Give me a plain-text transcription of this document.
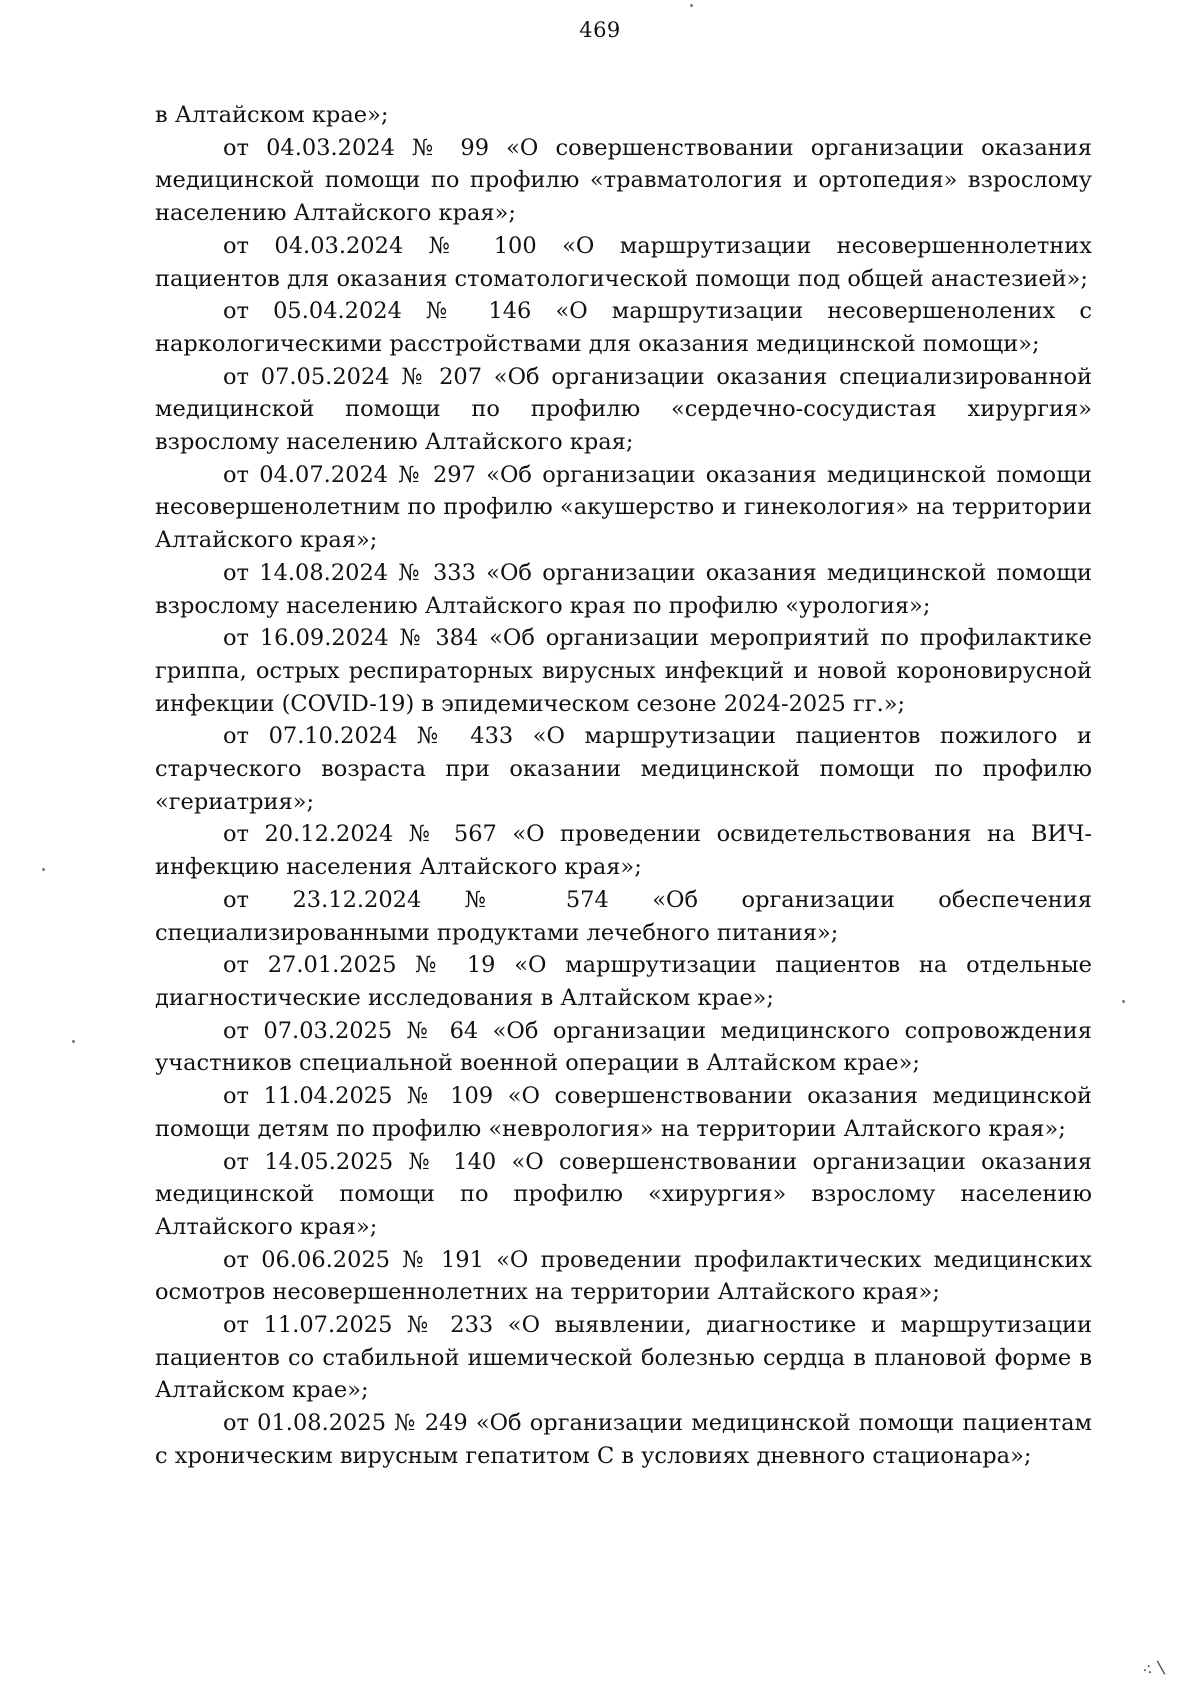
469

в Алтайском крае»;

от 04.03.2024 № 99 «О совершенствовании организации оказания медицинской помощи по профилю «травматология и ортопедия» взрослому населению Алтайского края»;

от 04.03.2024 № 100 «О маршрутизации несовершеннолетних пациентов для оказания стоматологической помощи под общей анастезией»;

от 05.04.2024 № 146 «О маршрутизации несовершенолених с наркологическими расстройствами для оказания медицинской помощи»;

от 07.05.2024 № 207 «Об организации оказания специализированной медицинской помощи по профилю «сердечно-сосудистая хирургия» взрослому населению Алтайского края;

от 04.07.2024 № 297 «Об организации оказания медицинской помощи несовершенолетним по профилю «акушерство и гинекология» на территории Алтайского края»;

от 14.08.2024 № 333 «Об организации оказания медицинской помощи взрослому населению Алтайского края по профилю «урология»;

от 16.09.2024 № 384 «Об организации мероприятий по профилактике гриппа, острых респираторных вирусных инфекций и новой короновирусной инфекции (COVID-19) в эпидемическом сезоне 2024-2025 гг.»;

от 07.10.2024 № 433 «О маршрутизации пациентов пожилого и старческого возраста при оказании медицинской помощи по профилю «гериатрия»;

от 20.12.2024 № 567 «О проведении освидетельствования на ВИЧ-инфекцию населения Алтайского края»;

от 23.12.2024 № 574 «Об организации обеспечения специализированными продуктами лечебного питания»;

от 27.01.2025 № 19 «О маршрутизации пациентов на отдельные диагностические исследования в Алтайском крае»;

от 07.03.2025 № 64 «Об организации медицинского сопровождения участников специальной военной операции в Алтайском крае»;

от 11.04.2025 № 109 «О совершенствовании оказания медицинской помощи детям по профилю «неврология» на территории Алтайского края»;

от 14.05.2025 № 140 «О совершенствовании организации оказания медицинской помощи по профилю «хирургия» взрослому населению Алтайского края»;

от 06.06.2025 № 191 «О проведении профилактических медицинских осмотров несовершеннолетних на территории Алтайского края»;

от 11.07.2025 № 233 «О выявлении, диагностике и маршрутизации пациентов со стабильной ишемической болезнью сердца в плановой форме в Алтайском крае»;

от 01.08.2025 № 249 «Об организации медицинской помощи пациентам с хроническим вирусным гепатитом С в условиях дневного стационара»;

⁖ \
